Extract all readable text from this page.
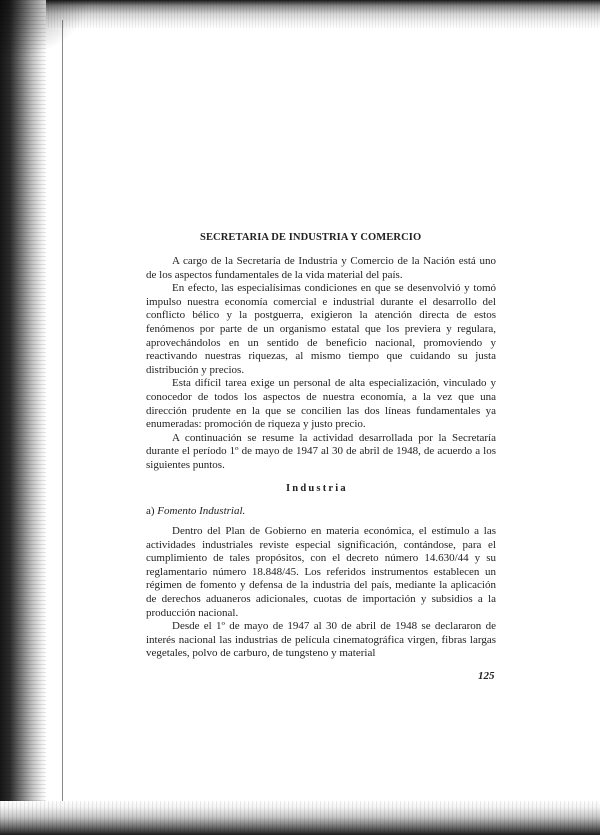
SECRETARIA DE INDUSTRIA Y COMERCIO

A cargo de la Secretaría de Industria y Comercio de la Nación está uno de los aspectos fundamentales de la vida material del país.

En efecto, las especialísimas condiciones en que se desenvolvió y tomó impulso nuestra economía comercial e industrial durante el desarrollo del conflicto bélico y la postguerra, exigieron la atención directa de estos fenómenos por parte de un organismo estatal que los previera y regulara, aprovechándolos en un sentido de beneficio nacional, promoviendo y reactivando nuestras riquezas, al mismo tiempo que cuidando su justa distribución y precios.

Esta difícil tarea exige un personal de alta especialización, vinculado y conocedor de todos los aspectos de nuestra economía, a la vez que una dirección prudente en la que se concilien las dos líneas fundamentales ya enumeradas: promoción de riqueza y justo precio.

A continuación se resume la actividad desarrollada por la Secretaría durante el período 1º de mayo de 1947 al 30 de abril de 1948, de acuerdo a los siguientes puntos.

Industria
a) Fomento Industrial.

Dentro del Plan de Gobierno en materia económica, el estímulo a las actividades industriales reviste especial significación, contándose, para el cumplimiento de tales propósitos, con el decreto número 14.630/44 y su reglamentario número 18.848/45. Los referidos instrumentos establecen un régimen de fomento y defensa de la industria del país, mediante la aplicación de derechos aduaneros adicionales, cuotas de importación y subsidios a la producción nacional.

Desde el 1º de mayo de 1947 al 30 de abril de 1948 se declararon de interés nacional las industrias de película cinematográfica virgen, fibras largas vegetales, polvo de carburo, de tungsteno y material

125
